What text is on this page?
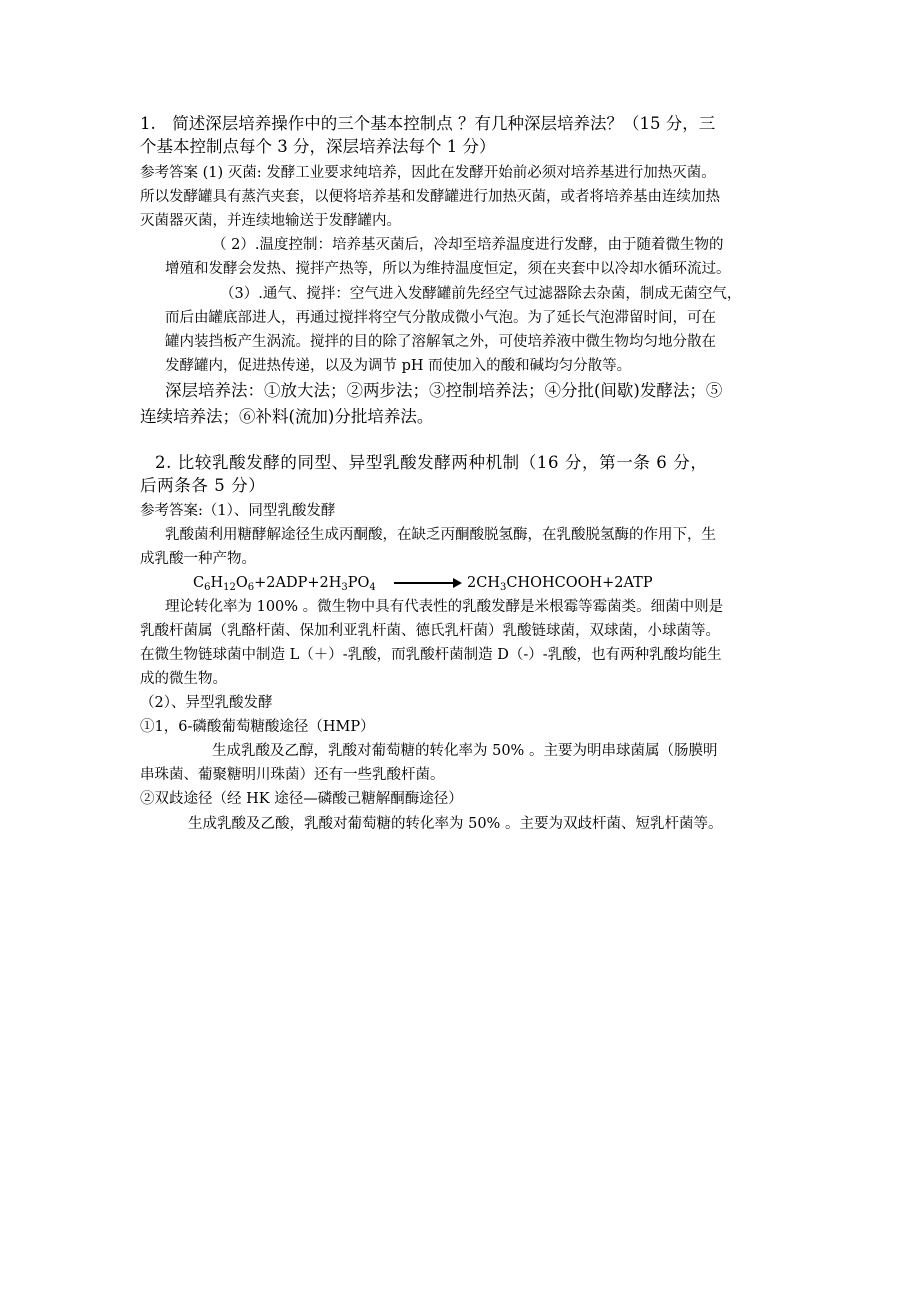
1.　简述深层培养操作中的三个基本控制点 ？有几种深层培养法？（15 分，三
个基本控制点每个 3 分，深层培养法每个 1 分）
参考答案 (1) 灭菌: 发酵工业要求纯培养，因此在发酵开始前必须对培养基进行加热灭菌。
所以发酵罐具有蒸汽夹套，以便将培养基和发酵罐进行加热灭菌，或者将培养基由连续加热
灭菌器灭菌，并连续地输送于发酵罐内。
（ 2）.温度控制：培养基灭菌后，冷却至培养温度进行发酵，由于随着微生物的
增殖和发酵会发热、搅拌产热等，所以为维持温度恒定，须在夹套中以冷却水循环流过。
（3）.通气、搅拌：空气进入发酵罐前先经空气过滤器除去杂菌，制成无菌空气，
而后由罐底部进人，再通过搅拌将空气分散成微小气泡。为了延长气泡滞留时间，可在
罐内装挡板产生涡流。搅拌的目的除了溶解氧之外，可使培养液中微生物均匀地分散在
发酵罐内，促进热传递，以及为调节 pH 而使加入的酸和碱均匀分散等。
深层培养法：①放大法；②两步法；③控制培养法；④分批(间歇)发酵法；⑤
连续培养法；⑥补料(流加)分批培养法。
2. 比较乳酸发酵的同型、异型乳酸发酵两种机制（16 分，第一条 6 分，
后两条各 5 分）
参考答案:（1）、同型乳酸发酵
乳酸菌利用糖酵解途径生成丙酮酸，在缺乏丙酮酸脱氢酶，在乳酸脱氢酶的作用下，生
成乳酸一种产物。
$C_6H_{12}O_6+2ADP+2H_3PO_4$	$2CH_3CHOHCOOH+2ATP$
理论转化率为 100% 。微生物中具有代表性的乳酸发酵是米根霉等霉菌类。细菌中则是
乳酸杆菌属（乳酪杆菌、保加利亚乳杆菌、德氏乳杆菌）乳酸链球菌，双球菌，小球菌等。
在微生物链球菌中制造 L（＋）-乳酸，而乳酸杆菌制造 D（-）-乳酸，也有两种乳酸均能生
成的微生物。
（2）、异型乳酸发酵
①1，6-磷酸葡萄糖酸途径（HMP）
生成乳酸及乙醇，乳酸对葡萄糖的转化率为 50% 。主要为明串球菌属（肠膜明
串珠菌、葡聚糖明川珠菌）还有一些乳酸杆菌。
②双歧途径（经 HK 途径—磷酸己糖解酮酶途径）
生成乳酸及乙酸，乳酸对葡萄糖的转化率为 50% 。主要为双歧杆菌、短乳杆菌等。
